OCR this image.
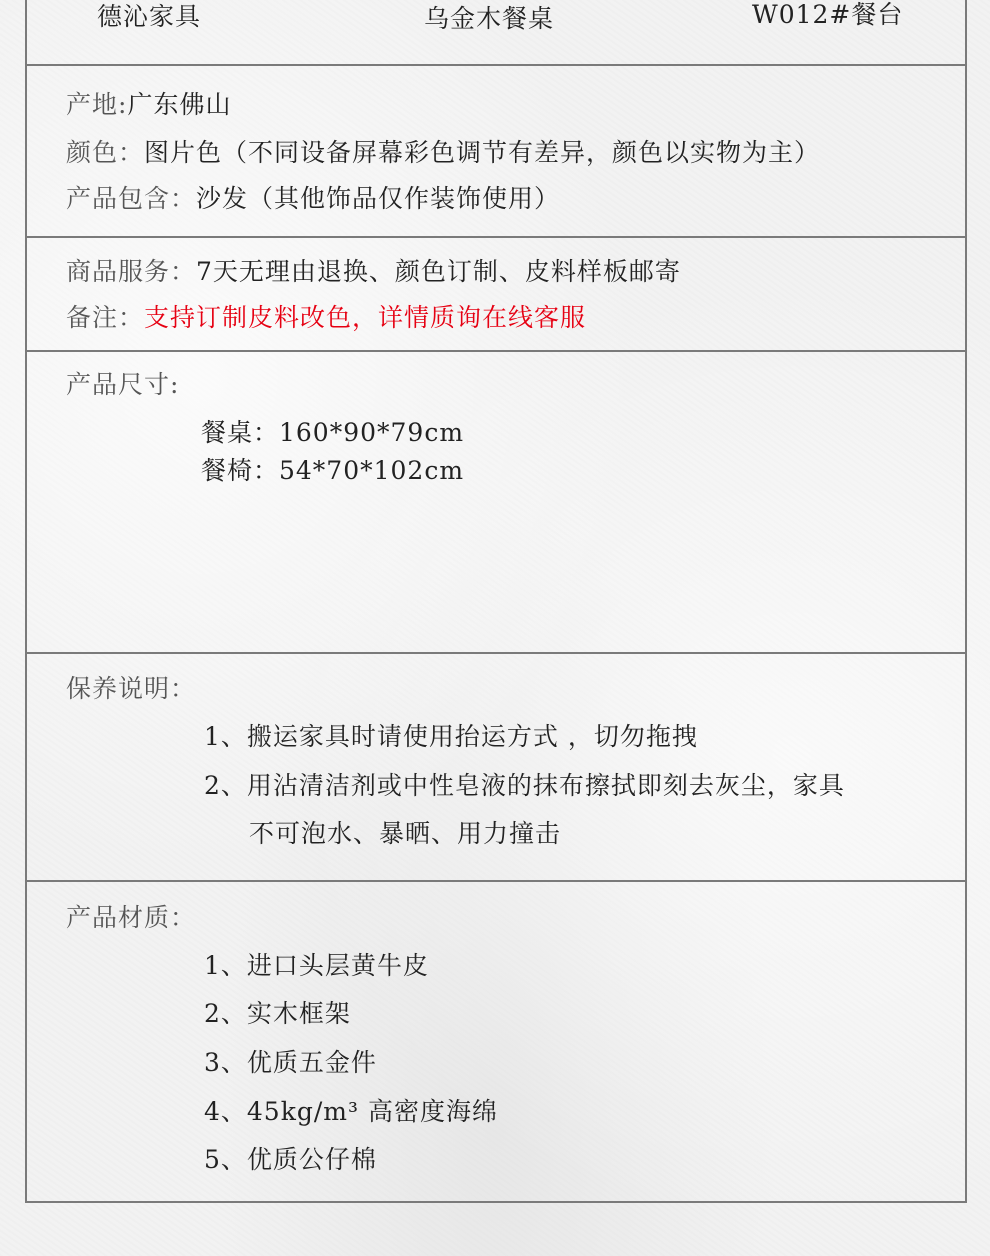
德沁家具	乌金木餐桌	W012#餐台
产地:广东佛山
颜色：图片色（不同设备屏幕彩色调节有差异，颜色以实物为主）
产品包含：沙发（其他饰品仅作装饰使用）
商品服务：7天无理由退换、颜色订制、皮料样板邮寄
备注：支持订制皮料改色，详情质询在线客服
产品尺寸:
餐桌：160*90*79cm
餐椅：54*70*102cm
保养说明：
1、搬运家具时请使用抬运方式 ，切勿拖拽
2、用沾清洁剂或中性皂液的抹布擦拭即刻去灰尘，家具
不可泡水、暴晒、用力撞击
产品材质：
1、进口头层黄牛皮
2、实木框架
3、优质五金件
4、45kg/m³ 高密度海绵
5、优质公仔棉
